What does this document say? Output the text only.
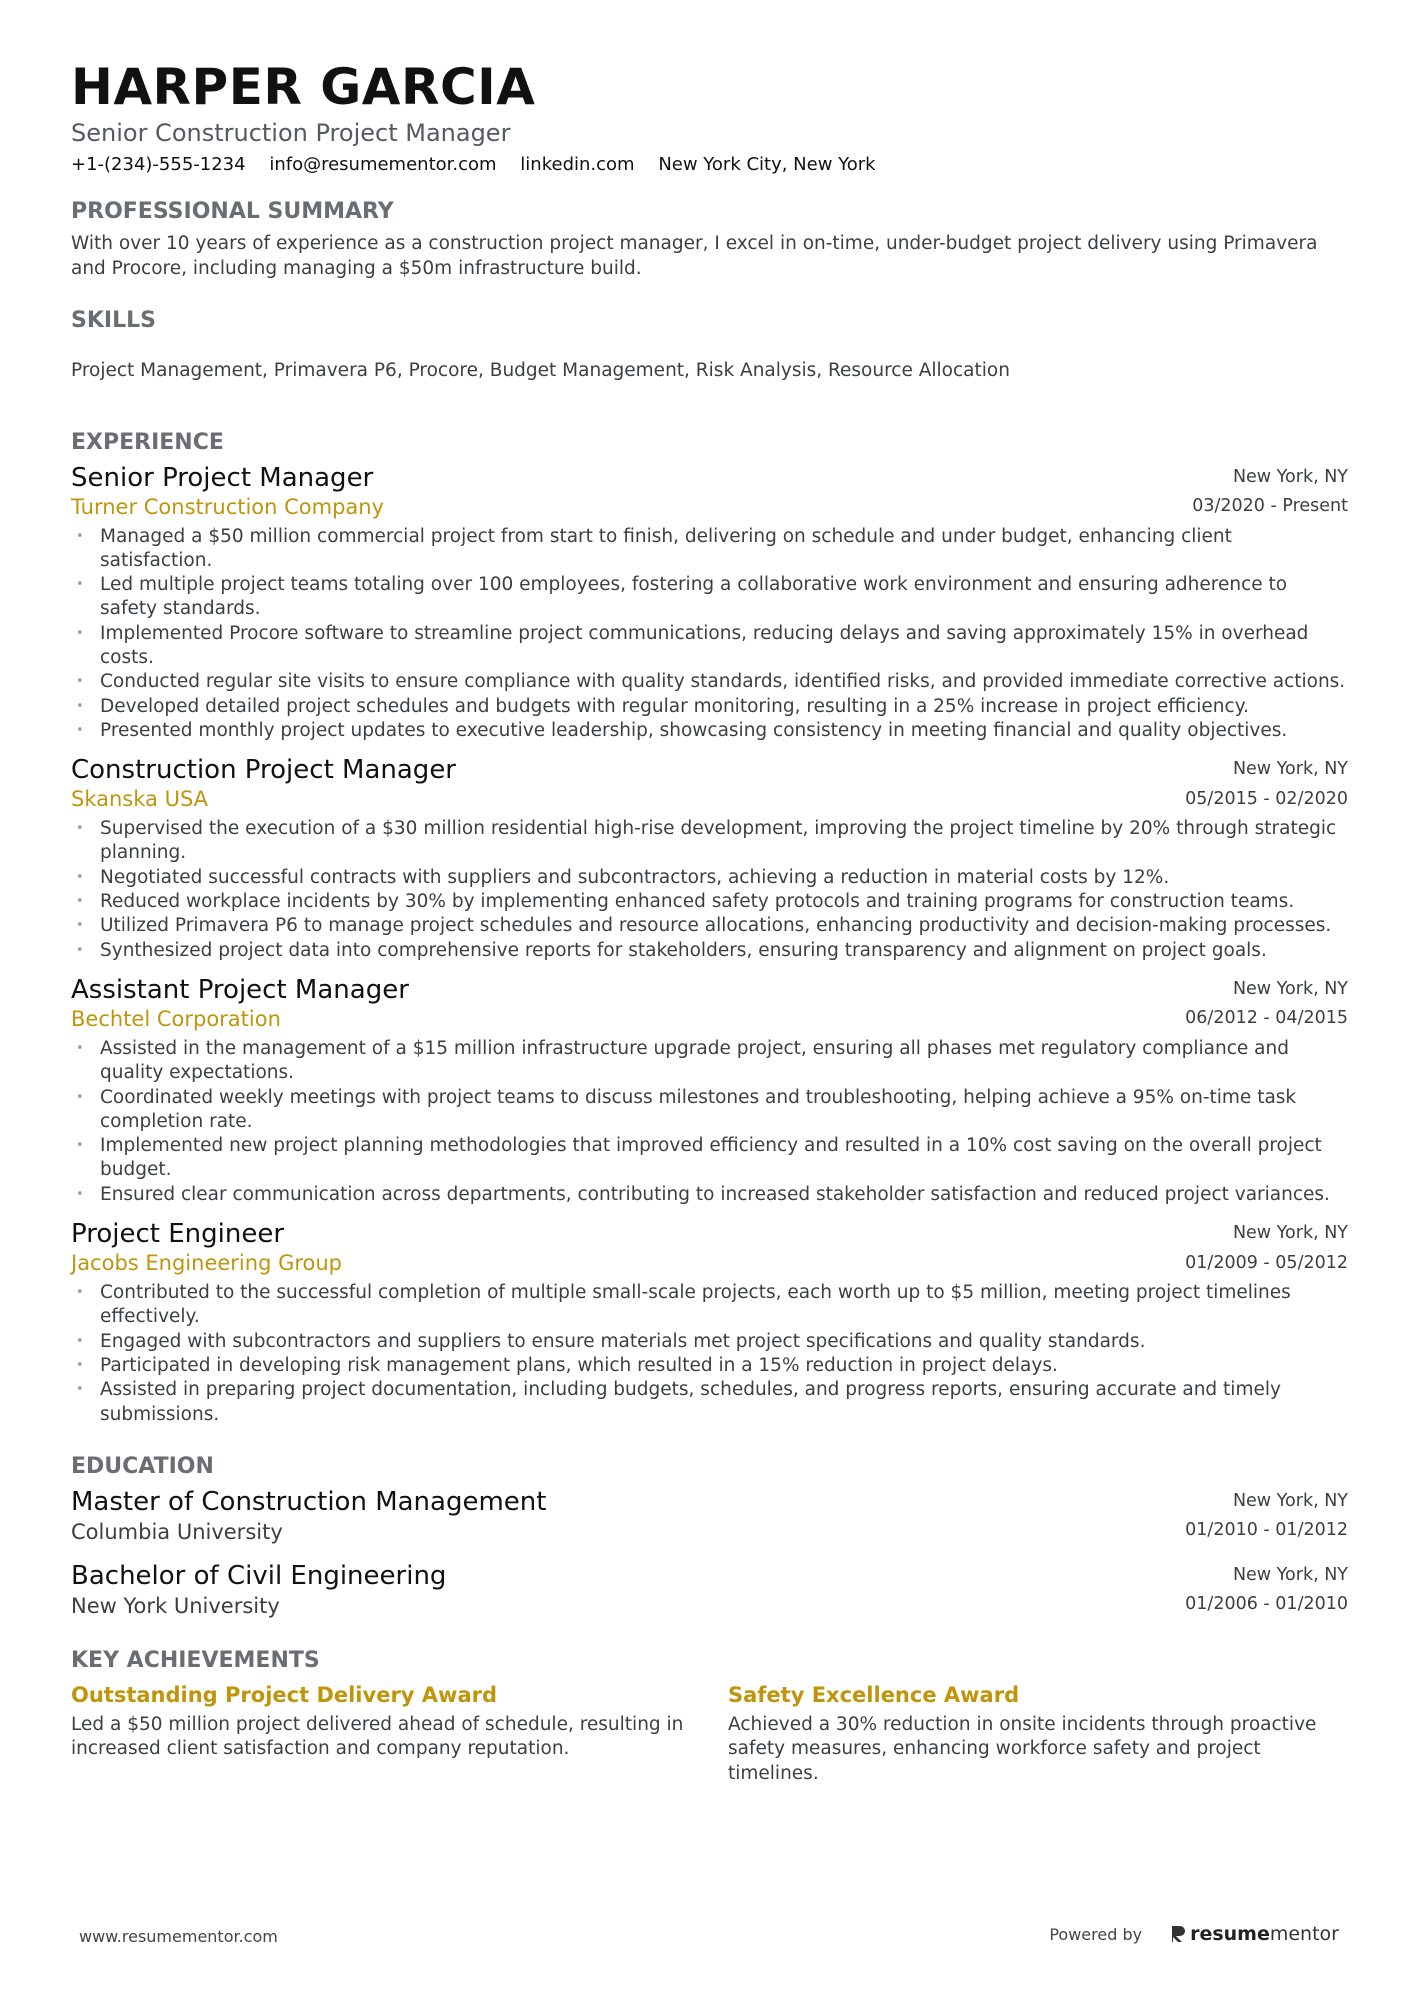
HARPER GARCIA
Senior Construction Project Manager
+1-(234)-555-1234 info@resumementor.com linkedin.com New York City, New York
PROFESSIONAL SUMMARY
With over 10 years of experience as a construction project manager, I excel in on-time, under-budget project delivery using Primavera and Procore, including managing a $50m infrastructure build.
SKILLS
Project Management, Primavera P6, Procore, Budget Management, Risk Analysis, Resource Allocation
EXPERIENCE
Senior Project Manager
Turner Construction Company
New York, NY
03/2020 - Present
• Managed a $50 million commercial project from start to finish, delivering on schedule and under budget, enhancing client satisfaction.
• Led multiple project teams totaling over 100 employees, fostering a collaborative work environment and ensuring adherence to safety standards.
• Implemented Procore software to streamline project communications, reducing delays and saving approximately 15% in overhead costs.
• Conducted regular site visits to ensure compliance with quality standards, identified risks, and provided immediate corrective actions.
• Developed detailed project schedules and budgets with regular monitoring, resulting in a 25% increase in project efficiency.
• Presented monthly project updates to executive leadership, showcasing consistency in meeting financial and quality objectives.
Construction Project Manager
Skanska USA
New York, NY
05/2015 - 02/2020
• Supervised the execution of a $30 million residential high-rise development, improving the project timeline by 20% through strategic planning.
• Negotiated successful contracts with suppliers and subcontractors, achieving a reduction in material costs by 12%.
• Reduced workplace incidents by 30% by implementing enhanced safety protocols and training programs for construction teams.
• Utilized Primavera P6 to manage project schedules and resource allocations, enhancing productivity and decision-making processes.
• Synthesized project data into comprehensive reports for stakeholders, ensuring transparency and alignment on project goals.
Assistant Project Manager
Bechtel Corporation
New York, NY
06/2012 - 04/2015
• Assisted in the management of a $15 million infrastructure upgrade project, ensuring all phases met regulatory compliance and quality expectations.
• Coordinated weekly meetings with project teams to discuss milestones and troubleshooting, helping achieve a 95% on-time task completion rate.
• Implemented new project planning methodologies that improved efficiency and resulted in a 10% cost saving on the overall project budget.
• Ensured clear communication across departments, contributing to increased stakeholder satisfaction and reduced project variances.
Project Engineer
Jacobs Engineering Group
New York, NY
01/2009 - 05/2012
• Contributed to the successful completion of multiple small-scale projects, each worth up to $5 million, meeting project timelines effectively.
• Engaged with subcontractors and suppliers to ensure materials met project specifications and quality standards.
• Participated in developing risk management plans, which resulted in a 15% reduction in project delays.
• Assisted in preparing project documentation, including budgets, schedules, and progress reports, ensuring accurate and timely submissions.
EDUCATION
Master of Construction Management
Columbia University
New York, NY
01/2010 - 01/2012
Bachelor of Civil Engineering
New York University
New York, NY
01/2006 - 01/2010
KEY ACHIEVEMENTS
Outstanding Project Delivery Award
Led a $50 million project delivered ahead of schedule, resulting in increased client satisfaction and company reputation.
Safety Excellence Award
Achieved a 30% reduction in onsite incidents through proactive safety measures, enhancing workforce safety and project timelines.
www.resumementor.com	Powered by	resume mentor
